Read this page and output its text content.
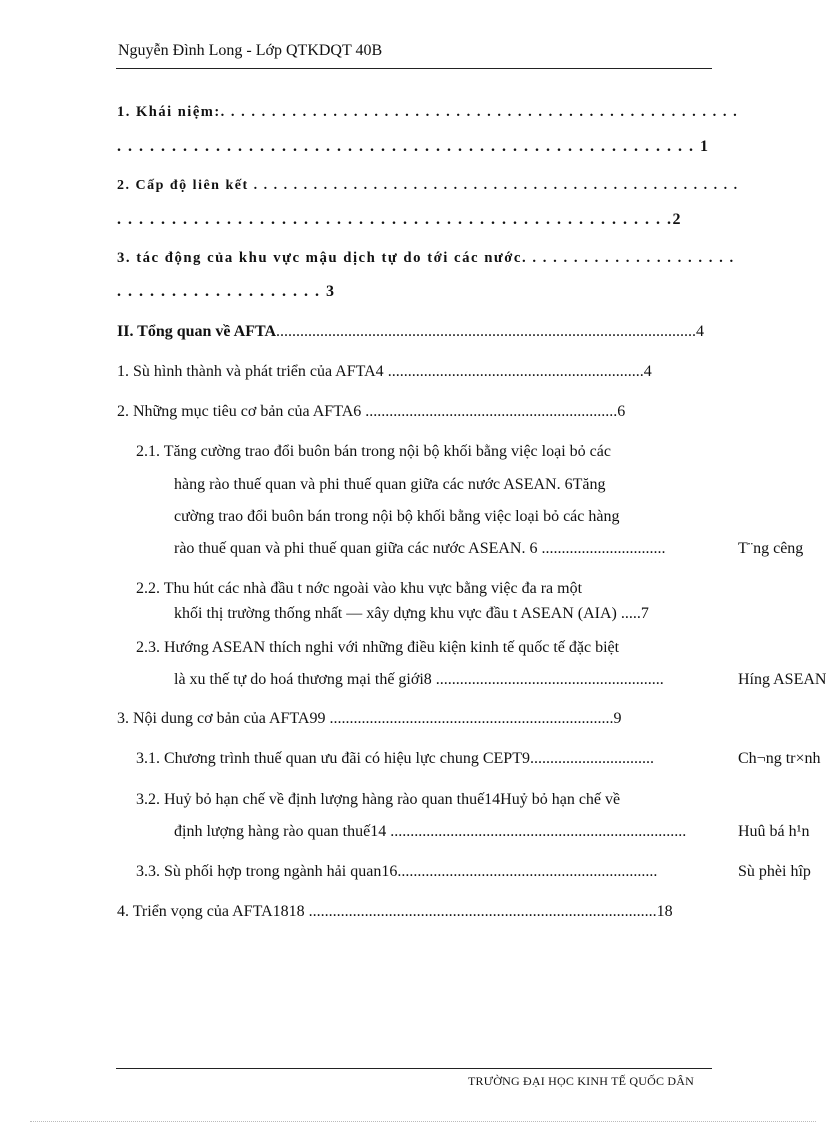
Nguyễn Đình Long - Lớp QTKDQT 40B
1. Khái niệm:. . . . . . . . . . . . . . . . . . . . . . . . . . . . . . . . . . . . . . . . . . . . . . . . . . .
. . . . . . . . . . . . . . . . . . . . . . . . . . . . . . . . . . . . . . . . . . . . . . . . . . . . . 1
2. Cấp độ liên kết . . . . . . . . . . . . . . . . . . . . . . . . . . . . . . . . . . . . . . . . . . . . . . . . .
. . . . . . . . . . . . . . . . . . . . . . . . . . . . . . . . . . . . . . . . . . . . . . . . . . .2
3. tác động của khu vực mậu dịch tự do tới các nước. . . . . . . . . . . . . . . . . . . . .
. . . . . . . . . . . . . . . . . . . 3
II. Tổng quan về AFTA.........................................................................................................4
1. Sù hình thành và phát triển của AFTA4 ................................................................4
2. Những mục tiêu cơ bản của AFTA6 ...............................................................6
2.1. Tăng cường trao đổi buôn bán trong nội bộ khối bằng việc loại bỏ các
hàng rào thuế quan và phi thuế quan giữa các nước ASEAN. 6Tăng
cường trao đổi buôn bán trong nội bộ khối bằng việc loại bỏ các hàng
rào thuế quan và phi thuế quan giữa các nước ASEAN. 6 ...............................	T¨ng cêng
2.2. Thu hút các nhà đầu t nớc ngoài vào khu vực bằng việc đa ra một
khối thị trường thống nhất — xây dựng khu vực đầu t ASEAN (AIA) .....7
2.3. Hướng ASEAN thích nghi với những điều kiện kinh tế quốc tế đặc biệt
là xu thế tự do hoá thương mại thế giới8 .........................................................	Híng ASEAN
3. Nội dung cơ bản của AFTA99 .......................................................................9
3.1. Chương trình thuế quan ưu đãi có hiệu lực chung CEPT9...............................	Ch¬ng tr×nh
3.2. Huỷ bỏ hạn chế về định lượng hàng rào quan thuế14Huỷ bỏ hạn chế về
định lượng hàng rào quan thuế14 ..........................................................................	Huû bá h¹n
3.3. Sù phối hợp trong ngành hải quan16.................................................................	Sù phèi hîp
4. Triển vọng của AFTA1818 .......................................................................................18
TRƯỜNG ĐẠI HỌC KINH TẾ QUỐC DÂN
